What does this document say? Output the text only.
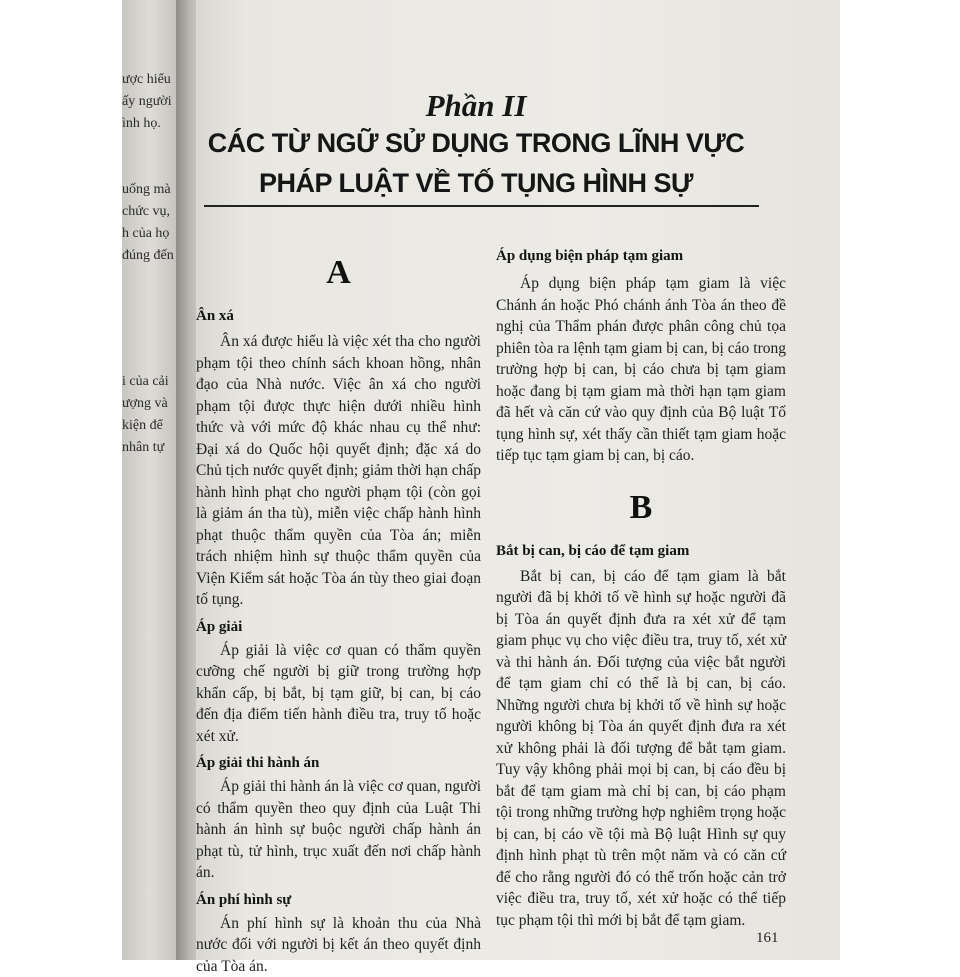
ược hiểu
ấy người
ình họ.
uống mà
chức vụ,
h của họ
đúng đến
i của cải
ượng và
kiện để
nhân tự
Phần II
CÁC TỪ NGỮ SỬ DỤNG TRONG LĨNH VỰC
PHÁP LUẬT VỀ TỐ TỤNG HÌNH SỰ
A

Ân xá

Ân xá được hiểu là việc xét tha cho người phạm tội theo chính sách khoan hồng, nhân đạo của Nhà nước. Việc ân xá cho người phạm tội được thực hiện dưới nhiều hình thức và với mức độ khác nhau cụ thể như: Đại xá do Quốc hội quyết định; đặc xá do Chủ tịch nước quyết định; giảm thời hạn chấp hành hình phạt cho người phạm tội (còn gọi là giảm án tha tù), miễn việc chấp hành hình phạt thuộc thẩm quyền của Tòa án; miễn trách nhiệm hình sự thuộc thẩm quyền của Viện Kiểm sát hoặc Tòa án tùy theo giai đoạn tố tụng.

Áp giải

Áp giải là việc cơ quan có thẩm quyền cưỡng chế người bị giữ trong trường hợp khẩn cấp, bị bắt, bị tạm giữ, bị can, bị cáo đến địa điểm tiến hành điều tra, truy tố hoặc xét xử.

Áp giải thi hành án

Áp giải thi hành án là việc cơ quan, người có thẩm quyền theo quy định của Luật Thi hành án hình sự buộc người chấp hành án phạt tù, tử hình, trục xuất đến nơi chấp hành án.

Án phí hình sự

Án phí hình sự là khoản thu của Nhà nước đối với người bị kết án theo quyết định của Tòa án.

Áp dụng biện pháp tạm giam

Áp dụng biện pháp tạm giam là việc Chánh án hoặc Phó chánh ánh Tòa án theo đề nghị của Thẩm phán được phân công chủ tọa phiên tòa ra lệnh tạm giam bị can, bị cáo trong trường hợp bị can, bị cáo chưa bị tạm giam hoặc đang bị tạm giam mà thời hạn tạm giam đã hết và căn cứ vào quy định của Bộ luật Tố tụng hình sự, xét thấy cần thiết tạm giam hoặc tiếp tục tạm giam bị can, bị cáo.

B

Bắt bị can, bị cáo để tạm giam

Bắt bị can, bị cáo để tạm giam là bắt người đã bị khởi tố về hình sự hoặc người đã bị Tòa án quyết định đưa ra xét xử để tạm giam phục vụ cho việc điều tra, truy tố, xét xử và thi hành án. Đối tượng của việc bắt người để tạm giam chỉ có thể là bị can, bị cáo. Những người chưa bị khởi tố về hình sự hoặc người không bị Tòa án quyết định đưa ra xét xử không phải là đối tượng để bắt tạm giam. Tuy vậy không phải mọi bị can, bị cáo đều bị bắt để tạm giam mà chỉ bị can, bị cáo phạm tội trong những trường hợp nghiêm trọng hoặc bị can, bị cáo về tội mà Bộ luật Hình sự quy định hình phạt tù trên một năm và có căn cứ để cho rằng người đó có thể trốn hoặc cản trở việc điều tra, truy tố, xét xử hoặc có thể tiếp tục phạm tội thì mới bị bắt để tạm giam.

161
